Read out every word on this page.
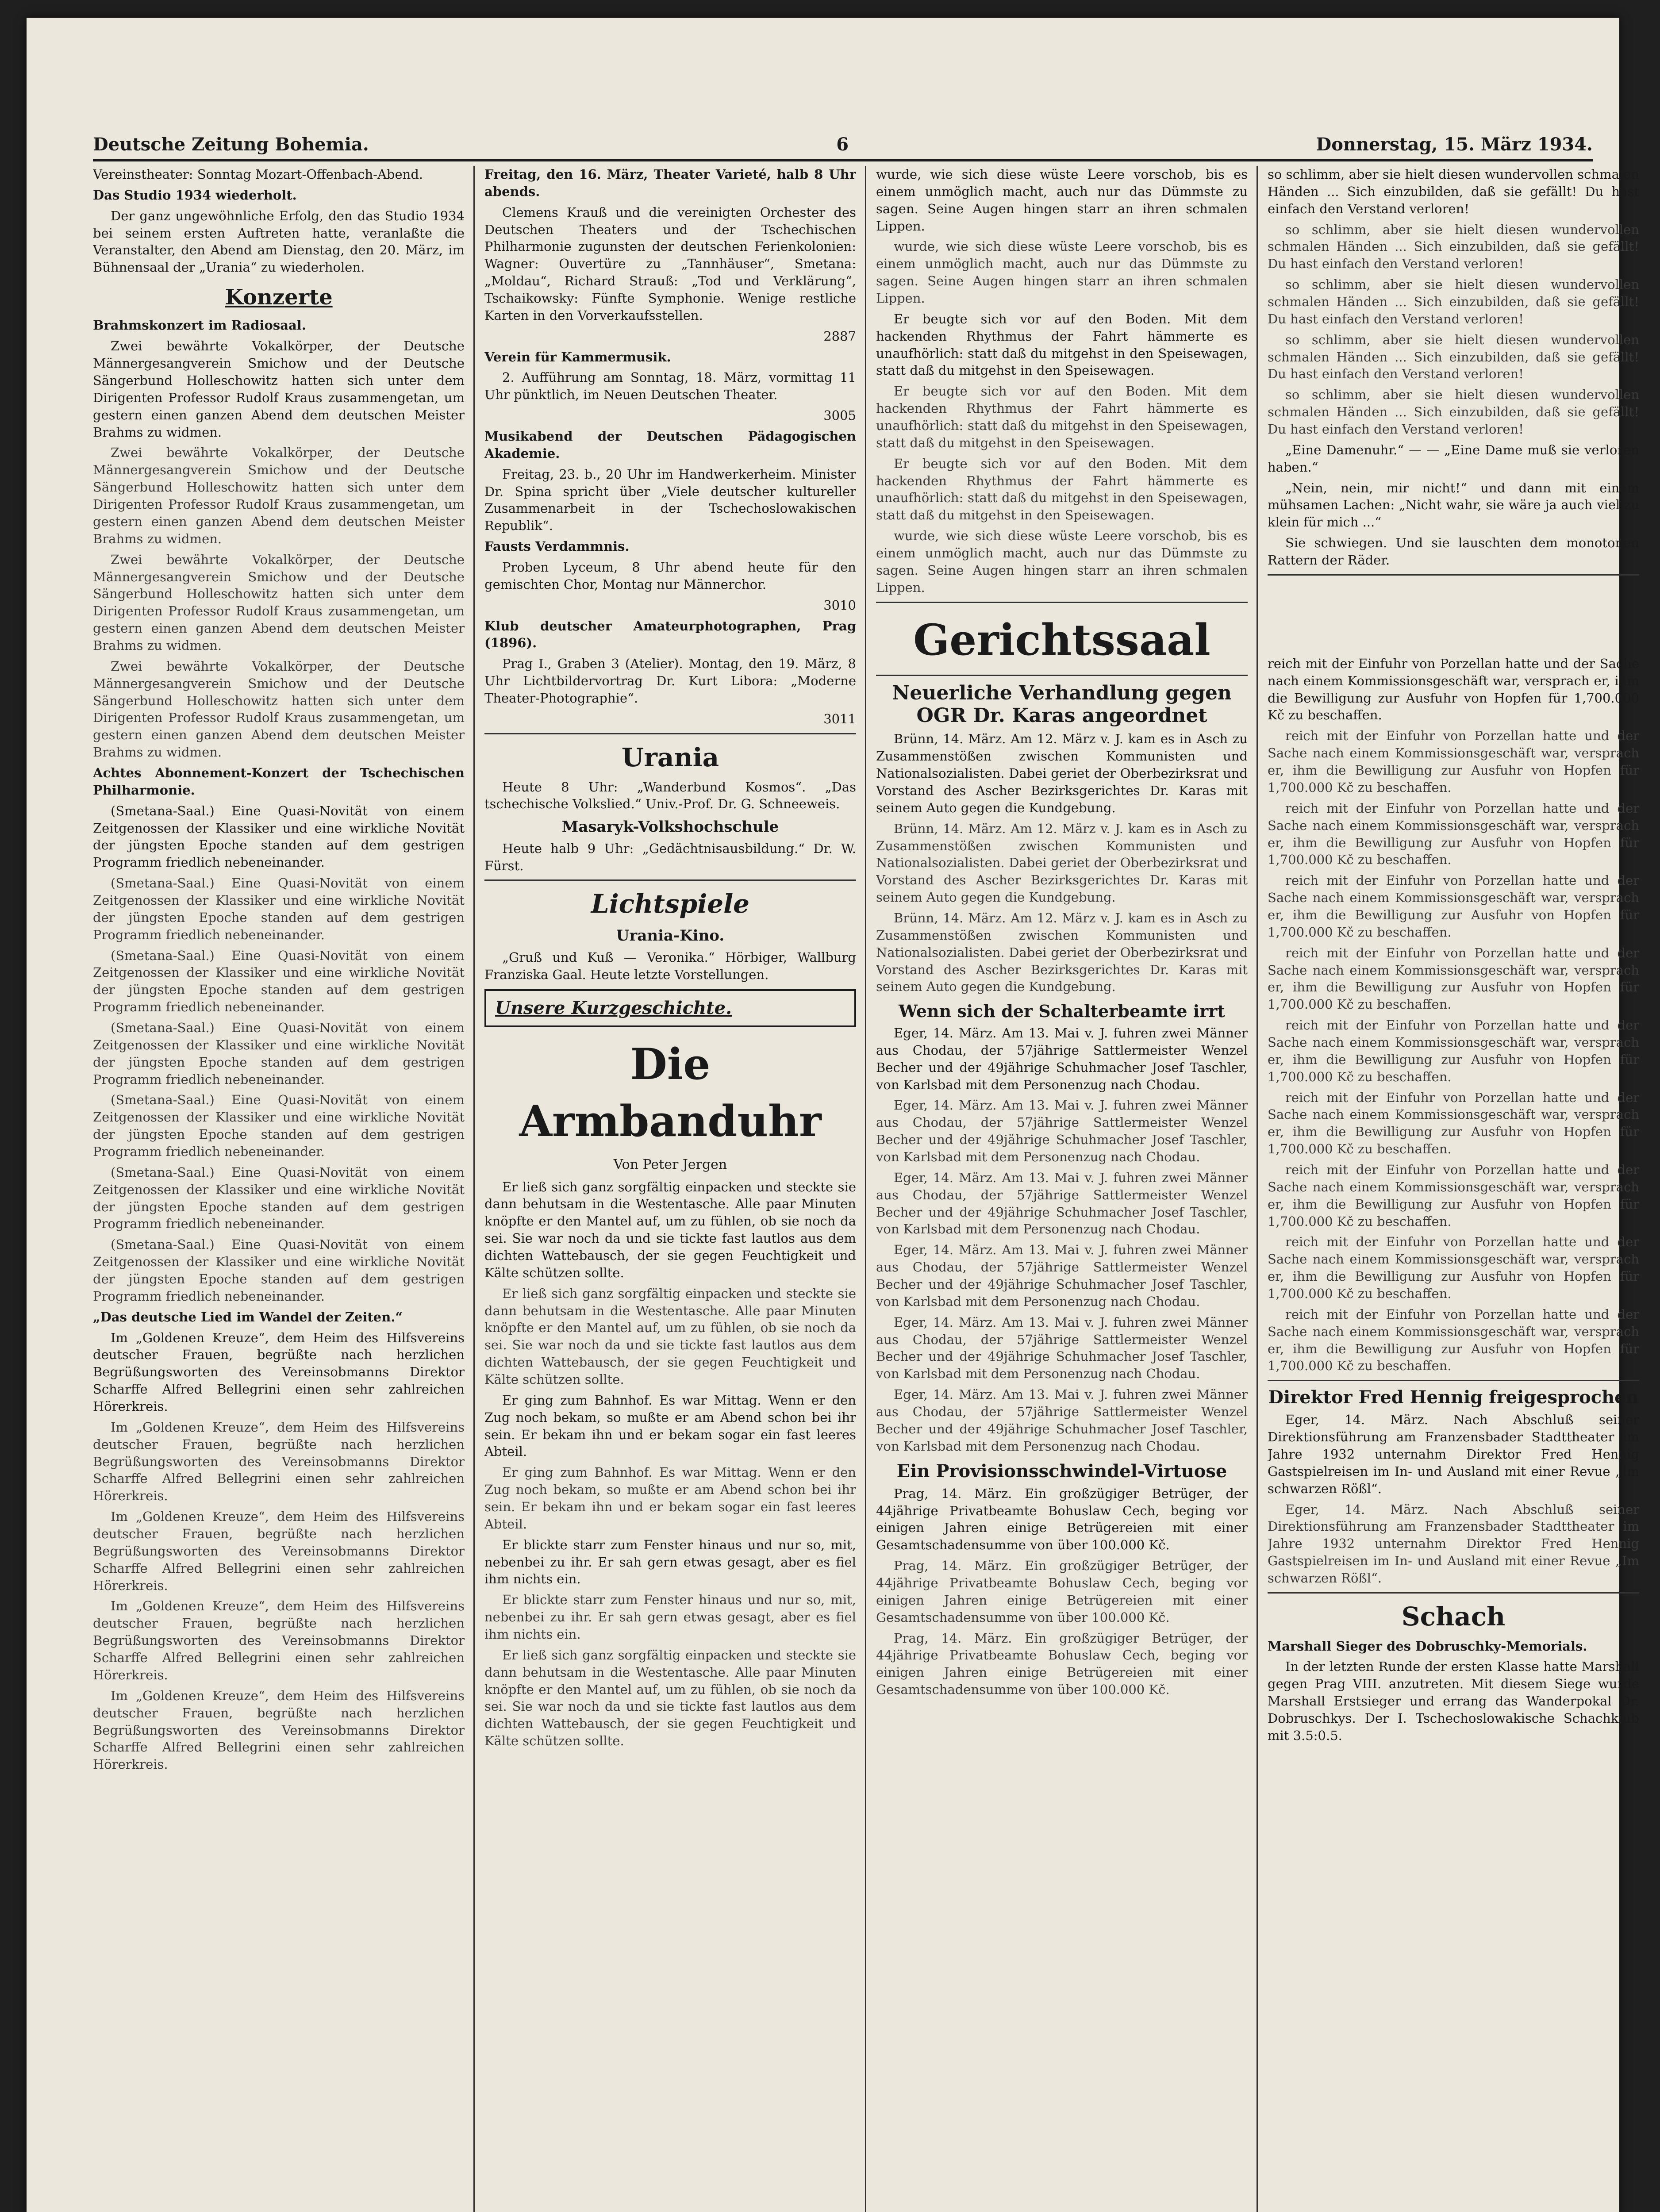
Deutsche Zeitung Bohemia.	6	Donnerstag, 15. März 1934.

Vereinstheater: Sonntag Mozart-Offenbach-Abend.

Das Studio 1934 wiederholt.

Der ganz ungewöhnliche Erfolg, den das Studio 1934 bei seinem ersten Auftreten hatte, veranlaßte die Veranstalter, den Abend am Dienstag, den 20. März, im Bühnensaal der „Urania“ zu wiederholen.

Konzerte

Brahmskonzert im Radiosaal.

Zwei bewährte Vokalkörper, der Deutsche Männergesangverein Smichow und der Deutsche Sängerbund Holleschowitz hatten sich unter dem Dirigenten Professor Rudolf Kraus zusammengetan, um gestern einen ganzen Abend dem deutschen Meister Brahms zu widmen.

Zwei bewährte Vokalkörper, der Deutsche Männergesangverein Smichow und der Deutsche Sängerbund Holleschowitz hatten sich unter dem Dirigenten Professor Rudolf Kraus zusammengetan, um gestern einen ganzen Abend dem deutschen Meister Brahms zu widmen.

Zwei bewährte Vokalkörper, der Deutsche Männergesangverein Smichow und der Deutsche Sängerbund Holleschowitz hatten sich unter dem Dirigenten Professor Rudolf Kraus zusammengetan, um gestern einen ganzen Abend dem deutschen Meister Brahms zu widmen.

Zwei bewährte Vokalkörper, der Deutsche Männergesangverein Smichow und der Deutsche Sängerbund Holleschowitz hatten sich unter dem Dirigenten Professor Rudolf Kraus zusammengetan, um gestern einen ganzen Abend dem deutschen Meister Brahms zu widmen.

Achtes Abonnement-Konzert der Tschechischen Philharmonie.

(Smetana-Saal.) Eine Quasi-Novität von einem Zeitgenossen der Klassiker und eine wirkliche Novität der jüngsten Epoche standen auf dem gestrigen Programm friedlich nebeneinander.

(Smetana-Saal.) Eine Quasi-Novität von einem Zeitgenossen der Klassiker und eine wirkliche Novität der jüngsten Epoche standen auf dem gestrigen Programm friedlich nebeneinander.

(Smetana-Saal.) Eine Quasi-Novität von einem Zeitgenossen der Klassiker und eine wirkliche Novität der jüngsten Epoche standen auf dem gestrigen Programm friedlich nebeneinander.

(Smetana-Saal.) Eine Quasi-Novität von einem Zeitgenossen der Klassiker und eine wirkliche Novität der jüngsten Epoche standen auf dem gestrigen Programm friedlich nebeneinander.

(Smetana-Saal.) Eine Quasi-Novität von einem Zeitgenossen der Klassiker und eine wirkliche Novität der jüngsten Epoche standen auf dem gestrigen Programm friedlich nebeneinander.

(Smetana-Saal.) Eine Quasi-Novität von einem Zeitgenossen der Klassiker und eine wirkliche Novität der jüngsten Epoche standen auf dem gestrigen Programm friedlich nebeneinander.

(Smetana-Saal.) Eine Quasi-Novität von einem Zeitgenossen der Klassiker und eine wirkliche Novität der jüngsten Epoche standen auf dem gestrigen Programm friedlich nebeneinander.

„Das deutsche Lied im Wandel der Zeiten.“

Im „Goldenen Kreuze“, dem Heim des Hilfsvereins deutscher Frauen, begrüßte nach herzlichen Begrüßungsworten des Vereinsobmanns Direktor Scharffe Alfred Bellegrini einen sehr zahlreichen Hörerkreis.

Im „Goldenen Kreuze“, dem Heim des Hilfsvereins deutscher Frauen, begrüßte nach herzlichen Begrüßungsworten des Vereinsobmanns Direktor Scharffe Alfred Bellegrini einen sehr zahlreichen Hörerkreis.

Im „Goldenen Kreuze“, dem Heim des Hilfsvereins deutscher Frauen, begrüßte nach herzlichen Begrüßungsworten des Vereinsobmanns Direktor Scharffe Alfred Bellegrini einen sehr zahlreichen Hörerkreis.

Im „Goldenen Kreuze“, dem Heim des Hilfsvereins deutscher Frauen, begrüßte nach herzlichen Begrüßungsworten des Vereinsobmanns Direktor Scharffe Alfred Bellegrini einen sehr zahlreichen Hörerkreis.

Im „Goldenen Kreuze“, dem Heim des Hilfsvereins deutscher Frauen, begrüßte nach herzlichen Begrüßungsworten des Vereinsobmanns Direktor Scharffe Alfred Bellegrini einen sehr zahlreichen Hörerkreis.

Freitag, den 16. März, Theater Varieté, halb 8 Uhr abends.

Clemens Krauß und die vereinigten Orchester des Deutschen Theaters und der Tschechischen Philharmonie zugunsten der deutschen Ferienkolonien: Wagner: Ouvertüre zu „Tannhäuser“, Smetana: „Moldau“, Richard Strauß: „Tod und Verklärung“, Tschaikowsky: Fünfte Symphonie. Wenige restliche Karten in den Vorverkaufsstellen.

2887

Verein für Kammermusik.

2. Aufführung am Sonntag, 18. März, vormittag 11 Uhr pünktlich, im Neuen Deutschen Theater.

3005

Musikabend der Deutschen Pädagogischen Akademie.

Freitag, 23. b., 20 Uhr im Handwerkerheim. Minister Dr. Spina spricht über „Viele deutscher kultureller Zusammenarbeit in der Tschechoslowakischen Republik“.

Fausts Verdammnis.

Proben Lyceum, 8 Uhr abend heute für den gemischten Chor, Montag nur Männerchor.

3010

Klub deutscher Amateurphotographen, Prag (1896).

Prag I., Graben 3 (Atelier). Montag, den 19. März, 8 Uhr Lichtbildervortrag Dr. Kurt Libora: „Moderne Theater-Photographie“.

3011

Urania

Heute 8 Uhr: „Wanderbund Kosmos“. „Das tschechische Volkslied.“ Univ.-Prof. Dr. G. Schneeweis.

Masaryk-Volkshochschule

Heute halb 9 Uhr: „Gedächtnisausbildung.“ Dr. W. Fürst.

Lichtspiele
Urania-Kino.

„Gruß und Kuß — Veronika.“ Hörbiger, Wallburg Franziska Gaal. Heute letzte Vorstellungen.

Unsere Kurzgeschichte.
Die Armbanduhr
Von Peter Jergen

Er ließ sich ganz sorgfältig einpacken und steckte sie dann behutsam in die Westentasche. Alle paar Minuten knöpfte er den Mantel auf, um zu fühlen, ob sie noch da sei. Sie war noch da und sie tickte fast lautlos aus dem dichten Wattebausch, der sie gegen Feuchtigkeit und Kälte schützen sollte.

Er ließ sich ganz sorgfältig einpacken und steckte sie dann behutsam in die Westentasche. Alle paar Minuten knöpfte er den Mantel auf, um zu fühlen, ob sie noch da sei. Sie war noch da und sie tickte fast lautlos aus dem dichten Wattebausch, der sie gegen Feuchtigkeit und Kälte schützen sollte.

Er ging zum Bahnhof. Es war Mittag. Wenn er den Zug noch bekam, so mußte er am Abend schon bei ihr sein. Er bekam ihn und er bekam sogar ein fast leeres Abteil.

Er ging zum Bahnhof. Es war Mittag. Wenn er den Zug noch bekam, so mußte er am Abend schon bei ihr sein. Er bekam ihn und er bekam sogar ein fast leeres Abteil.

Er blickte starr zum Fenster hinaus und nur so, mit, nebenbei zu ihr. Er sah gern etwas gesagt, aber es fiel ihm nichts ein.

Er blickte starr zum Fenster hinaus und nur so, mit, nebenbei zu ihr. Er sah gern etwas gesagt, aber es fiel ihm nichts ein.

Er ließ sich ganz sorgfältig einpacken und steckte sie dann behutsam in die Westentasche. Alle paar Minuten knöpfte er den Mantel auf, um zu fühlen, ob sie noch da sei. Sie war noch da und sie tickte fast lautlos aus dem dichten Wattebausch, der sie gegen Feuchtigkeit und Kälte schützen sollte.

wurde, wie sich diese wüste Leere vorschob, bis es einem unmöglich macht, auch nur das Dümmste zu sagen. Seine Augen hingen starr an ihren schmalen Lippen.

wurde, wie sich diese wüste Leere vorschob, bis es einem unmöglich macht, auch nur das Dümmste zu sagen. Seine Augen hingen starr an ihren schmalen Lippen.

Er beugte sich vor auf den Boden. Mit dem hackenden Rhythmus der Fahrt hämmerte es unaufhörlich: statt daß du mitgehst in den Speisewagen, statt daß du mitgehst in den Speisewagen.

Er beugte sich vor auf den Boden. Mit dem hackenden Rhythmus der Fahrt hämmerte es unaufhörlich: statt daß du mitgehst in den Speisewagen, statt daß du mitgehst in den Speisewagen.

Er beugte sich vor auf den Boden. Mit dem hackenden Rhythmus der Fahrt hämmerte es unaufhörlich: statt daß du mitgehst in den Speisewagen, statt daß du mitgehst in den Speisewagen.

wurde, wie sich diese wüste Leere vorschob, bis es einem unmöglich macht, auch nur das Dümmste zu sagen. Seine Augen hingen starr an ihren schmalen Lippen.

Gerichtssaal
Neuerliche Verhandlung gegen OGR Dr. Karas angeordnet

Brünn, 14. März. Am 12. März v. J. kam es in Asch zu Zusammenstößen zwischen Kommunisten und Nationalsozialisten. Dabei geriet der Oberbezirksrat und Vorstand des Ascher Bezirksgerichtes Dr. Karas mit seinem Auto gegen die Kundgebung.

Brünn, 14. März. Am 12. März v. J. kam es in Asch zu Zusammenstößen zwischen Kommunisten und Nationalsozialisten. Dabei geriet der Oberbezirksrat und Vorstand des Ascher Bezirksgerichtes Dr. Karas mit seinem Auto gegen die Kundgebung.

Brünn, 14. März. Am 12. März v. J. kam es in Asch zu Zusammenstößen zwischen Kommunisten und Nationalsozialisten. Dabei geriet der Oberbezirksrat und Vorstand des Ascher Bezirksgerichtes Dr. Karas mit seinem Auto gegen die Kundgebung.

Wenn sich der Schalterbeamte irrt

Eger, 14. März. Am 13. Mai v. J. fuhren zwei Männer aus Chodau, der 57jährige Sattlermeister Wenzel Becher und der 49jährige Schuhmacher Josef Taschler, von Karlsbad mit dem Personenzug nach Chodau.

Eger, 14. März. Am 13. Mai v. J. fuhren zwei Männer aus Chodau, der 57jährige Sattlermeister Wenzel Becher und der 49jährige Schuhmacher Josef Taschler, von Karlsbad mit dem Personenzug nach Chodau.

Eger, 14. März. Am 13. Mai v. J. fuhren zwei Männer aus Chodau, der 57jährige Sattlermeister Wenzel Becher und der 49jährige Schuhmacher Josef Taschler, von Karlsbad mit dem Personenzug nach Chodau.

Eger, 14. März. Am 13. Mai v. J. fuhren zwei Männer aus Chodau, der 57jährige Sattlermeister Wenzel Becher und der 49jährige Schuhmacher Josef Taschler, von Karlsbad mit dem Personenzug nach Chodau.

Eger, 14. März. Am 13. Mai v. J. fuhren zwei Männer aus Chodau, der 57jährige Sattlermeister Wenzel Becher und der 49jährige Schuhmacher Josef Taschler, von Karlsbad mit dem Personenzug nach Chodau.

Eger, 14. März. Am 13. Mai v. J. fuhren zwei Männer aus Chodau, der 57jährige Sattlermeister Wenzel Becher und der 49jährige Schuhmacher Josef Taschler, von Karlsbad mit dem Personenzug nach Chodau.

Ein Provisionsschwindel-Virtuose

Prag, 14. März. Ein großzügiger Betrüger, der 44jährige Privatbeamte Bohuslaw Cech, beging vor einigen Jahren einige Betrügereien mit einer Gesamtschadensumme von über 100.000 Kč.

Prag, 14. März. Ein großzügiger Betrüger, der 44jährige Privatbeamte Bohuslaw Cech, beging vor einigen Jahren einige Betrügereien mit einer Gesamtschadensumme von über 100.000 Kč.

Prag, 14. März. Ein großzügiger Betrüger, der 44jährige Privatbeamte Bohuslaw Cech, beging vor einigen Jahren einige Betrügereien mit einer Gesamtschadensumme von über 100.000 Kč.

so schlimm, aber sie hielt diesen wundervollen schmalen Händen ... Sich einzubilden, daß sie gefällt! Du hast einfach den Verstand verloren!

so schlimm, aber sie hielt diesen wundervollen schmalen Händen ... Sich einzubilden, daß sie gefällt! Du hast einfach den Verstand verloren!

so schlimm, aber sie hielt diesen wundervollen schmalen Händen ... Sich einzubilden, daß sie gefällt! Du hast einfach den Verstand verloren!

so schlimm, aber sie hielt diesen wundervollen schmalen Händen ... Sich einzubilden, daß sie gefällt! Du hast einfach den Verstand verloren!

so schlimm, aber sie hielt diesen wundervollen schmalen Händen ... Sich einzubilden, daß sie gefällt! Du hast einfach den Verstand verloren!

„Eine Damenuhr.“ — — „Eine Dame muß sie verloren haben.“

„Nein, nein, mir nicht!“ und dann mit einem mühsamen Lachen: „Nicht wahr, sie wäre ja auch viel zu klein für mich ...“

Sie schwiegen. Und sie lauschten dem monotonen Rattern der Räder.

reich mit der Einfuhr von Porzellan hatte und der Sache nach einem Kommissionsgeschäft war, versprach er, ihm die Bewilligung zur Ausfuhr von Hopfen für 1,700.000 Kč zu beschaffen.

reich mit der Einfuhr von Porzellan hatte und der Sache nach einem Kommissionsgeschäft war, versprach er, ihm die Bewilligung zur Ausfuhr von Hopfen für 1,700.000 Kč zu beschaffen.

reich mit der Einfuhr von Porzellan hatte und der Sache nach einem Kommissionsgeschäft war, versprach er, ihm die Bewilligung zur Ausfuhr von Hopfen für 1,700.000 Kč zu beschaffen.

reich mit der Einfuhr von Porzellan hatte und der Sache nach einem Kommissionsgeschäft war, versprach er, ihm die Bewilligung zur Ausfuhr von Hopfen für 1,700.000 Kč zu beschaffen.

reich mit der Einfuhr von Porzellan hatte und der Sache nach einem Kommissionsgeschäft war, versprach er, ihm die Bewilligung zur Ausfuhr von Hopfen für 1,700.000 Kč zu beschaffen.

reich mit der Einfuhr von Porzellan hatte und der Sache nach einem Kommissionsgeschäft war, versprach er, ihm die Bewilligung zur Ausfuhr von Hopfen für 1,700.000 Kč zu beschaffen.

reich mit der Einfuhr von Porzellan hatte und der Sache nach einem Kommissionsgeschäft war, versprach er, ihm die Bewilligung zur Ausfuhr von Hopfen für 1,700.000 Kč zu beschaffen.

reich mit der Einfuhr von Porzellan hatte und der Sache nach einem Kommissionsgeschäft war, versprach er, ihm die Bewilligung zur Ausfuhr von Hopfen für 1,700.000 Kč zu beschaffen.

reich mit der Einfuhr von Porzellan hatte und der Sache nach einem Kommissionsgeschäft war, versprach er, ihm die Bewilligung zur Ausfuhr von Hopfen für 1,700.000 Kč zu beschaffen.

reich mit der Einfuhr von Porzellan hatte und der Sache nach einem Kommissionsgeschäft war, versprach er, ihm die Bewilligung zur Ausfuhr von Hopfen für 1,700.000 Kč zu beschaffen.

Direktor Fred Hennig freigesprochen

Eger, 14. März. Nach Abschluß seiner Direktionsführung am Franzensbader Stadttheater im Jahre 1932 unternahm Direktor Fred Hennig Gastspielreisen im In- und Ausland mit einer Revue „Im schwarzen Rößl“.

Eger, 14. März. Nach Abschluß seiner Direktionsführung am Franzensbader Stadttheater im Jahre 1932 unternahm Direktor Fred Hennig Gastspielreisen im In- und Ausland mit einer Revue „Im schwarzen Rößl“.

Schach

Marshall Sieger des Dobruschky-Memorials.

In der letzten Runde der ersten Klasse hatte Marshall gegen Prag VIII. anzutreten. Mit diesem Siege wurde Marshall Erstsieger und errang das Wanderpokal Dr. Dobruschkys. Der I. Tschechoslowakische Schachklub mit 3.5:0.5.
